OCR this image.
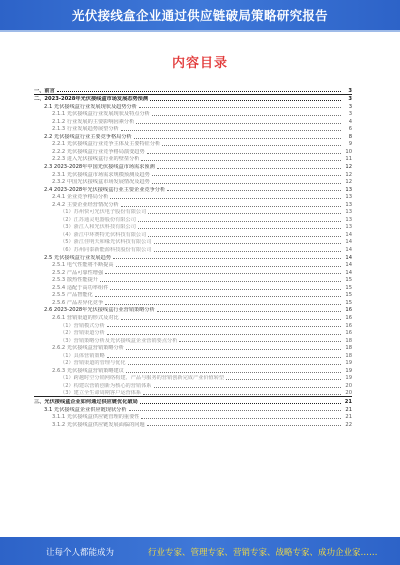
光伏接线盒企业通过供应链破局策略研究报告
内容目录
一、前言	3
二、2023-2028年光伏接线盒市场发展态势预测	3
2.1 光伏接线盒行业发展现状及趋势分析	3
2.1.1 光伏接线盒行业发展现状及特点分析	3
2.1.2 行业发展的主要影响因素分析	4
2.1.3 行业发展趋势展望分析	6
2.2 光伏接线盒行业主要竞争格局分析	8
2.2.1 光伏接线盒行业竞争主体及主要特征分析	9
2.2.2 光伏接线盒行业竞争格局演变趋势	10
2.2.3 进入光伏接线盒行业的壁垒分析	11
2.3 2023-2028年中国光伏接线盒市场需求预测	12
2.3.1 光伏接线盒市场需求规模预测及趋势	12
2.3.2 中国光伏接线盒市场发展情况及趋势	12
2.4 2023-2028年光伏接线盒行业主要企业竞争分析	13
2.4.1 企业竞争格局分析	13
2.4.2 主要企业经营情况分析	13
（1）苏州快可光伏电子股份有限公司	13
（2）江苏通灵电器股份有限公司	13
（3）浙江人和光伏科技有限公司	13
（4）浙江中环赛特光伏科技有限公司	14
（5）浙江佳明天和缘光伏科技有限公司	14
（6）苏州同泰新能源科技股份有限公司	14
2.5 光伏接线盒行业发展趋势	14
2.5.1 电气性能将不断提高	14
2.5.2 产品可靠性增强	14
2.5.3 散热性能提升	15
2.5.4 适配于高功率组件	15
2.5.5 产品智能化	15
2.5.6 产品差异化竞争	15
2.6 2023-2028年光伏接线盒行业营销策略分析	16
2.6.1 营销渠道的形式及对比	16
（1）营销模式分析	16
（2）营销渠道分析	16
（3）营销策略分析及光伏接线盒企业营销要点分析	18
2.6.2 光伏接线盒营销策略分析	18
（1）具体营销策略	18
（2）营销渠道的管理与优化	19
2.6.3 光伏接线盒营销策略建议	19
（1）跨越时空分销网络构建、产品与服务的营销创新完成产业价值转型	19
（2）构建以营销创新为核心的营销体系	20
（3）建立全生命周期客户运营体系	20
三、光伏接线盒企业如何通过供应链优化破局	21
3.1 光伏接线盒企业供应链现状分析	21
3.1.1 光伏接线盒供应链管理的重要性	21
3.1.2 光伏接线盒供应链发展面临的问题	22
让每个人都能成为	行业专家、管理专家、营销专家、战略专家、成功企业家……
